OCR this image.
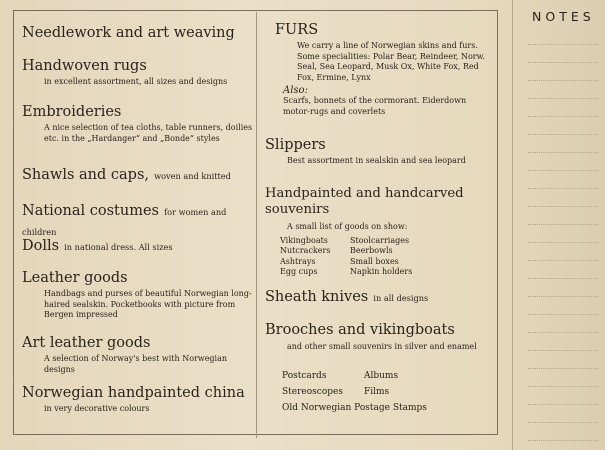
Needlework and art weaving
Handwoven rugs
in excellent assortment, all sizes and designs
Embroideries
A nice selection of tea cloths, table runners, doilies etc. in the „Hardanger“ and „Bonde“ styles
Shawls and caps, woven and knitted
National costumes for women and children
Dolls in national dress. All sizes
Leather goods
Handbags and purses of beautiful Norwegian long-haired sealskin. Pocketbooks with picture from Bergen impressed
Art leather goods
A selection of Norway's best with Norwegian designs
Norwegian handpainted china
in very decorative colours
FURS
We carry a line of Norwegian skins and furs. Some specialities: Polar Bear, Reindeer, Norw. Seal, Sea Leopard, Musk Ox, White Fox, Red Fox, Ermine, Lynx
Also:
Scarfs, bonnets of the cormorant. Eiderdown motor-rugs and coverlets
Slippers
Best assortment in sealskin and sea leopard
Handpainted and handcarved souvenirs
A small list of goods on show:
Vikingboats	Stoolcarriages
Nutcrackers	Beerbowls
Ashtrays	Small boxes
Egg cups	Napkin holders
Sheath knives in all designs
Brooches and vikingboats
and other small souvenirs in silver and enamel
Postcards	Albums
Stereoscopes	Films
Old Norwegian Postage Stamps
NOTES
